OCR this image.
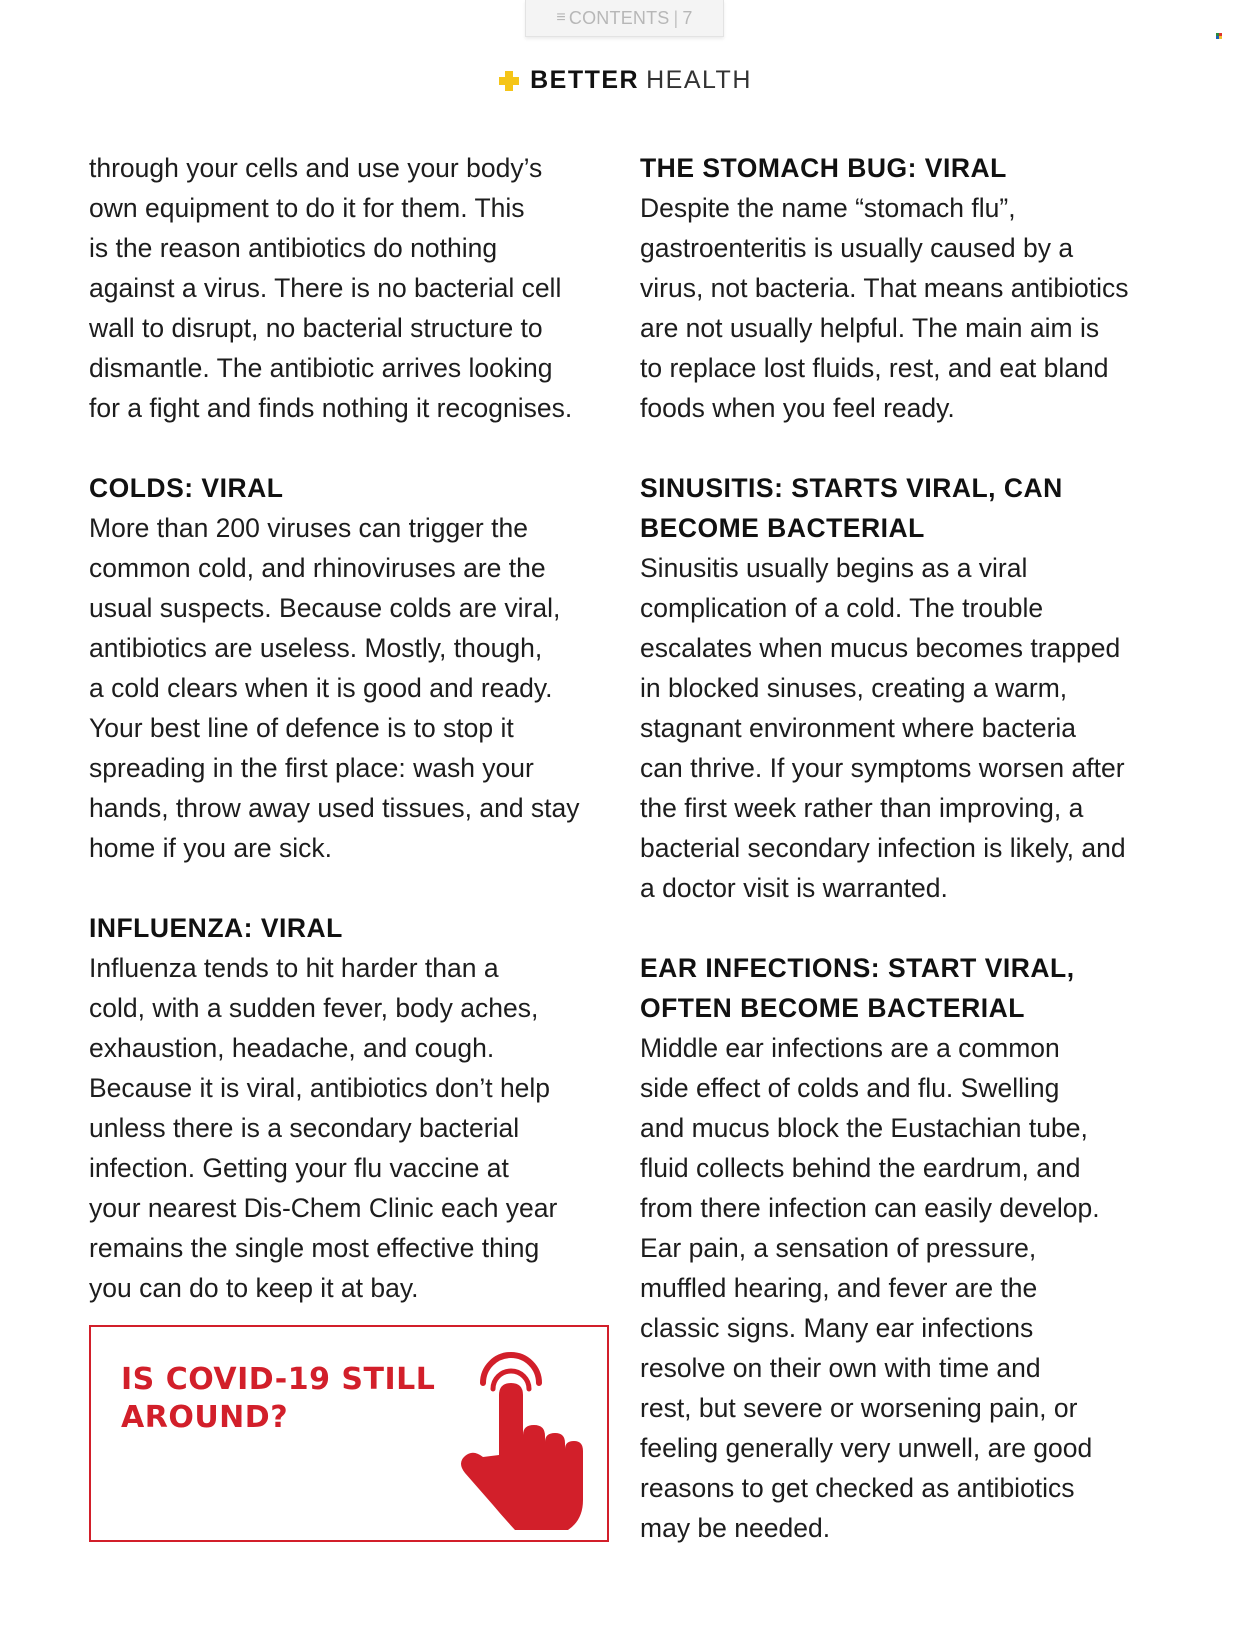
≡ CONTENTS | 7
BETTER HEALTH

through your cells and use your body’s
own equipment to do it for them. This
is the reason antibiotics do nothing
against a virus. There is no bacterial cell
wall to disrupt, no bacterial structure to
dismantle. The antibiotic arrives looking
for a fight and finds nothing it recognises.

COLDS: VIRAL

More than 200 viruses can trigger the
common cold, and rhinoviruses are the
usual suspects. Because colds are viral,
antibiotics are useless. Mostly, though,
a cold clears when it is good and ready.
Your best line of defence is to stop it
spreading in the first place: wash your
hands, throw away used tissues, and stay
home if you are sick.

INFLUENZA: VIRAL

Influenza tends to hit harder than a
cold, with a sudden fever, body aches,
exhaustion, headache, and cough.
Because it is viral, antibiotics don’t help
unless there is a secondary bacterial
infection. Getting your flu vaccine at
your nearest Dis-Chem Clinic each year
remains the single most effective thing
you can do to keep it at bay.

THE STOMACH BUG: VIRAL

Despite the name “stomach flu”,
gastroenteritis is usually caused by a
virus, not bacteria. That means antibiotics
are not usually helpful. The main aim is
to replace lost fluids, rest, and eat bland
foods when you feel ready.

SINUSITIS: STARTS VIRAL, CAN
BECOME BACTERIAL

Sinusitis usually begins as a viral
complication of a cold. The trouble
escalates when mucus becomes trapped
in blocked sinuses, creating a warm,
stagnant environment where bacteria
can thrive. If your symptoms worsen after
the first week rather than improving, a
bacterial secondary infection is likely, and
a doctor visit is warranted.

EAR INFECTIONS: START VIRAL,
OFTEN BECOME BACTERIAL

Middle ear infections are a common
side effect of colds and flu. Swelling
and mucus block the Eustachian tube,
fluid collects behind the eardrum, and
from there infection can easily develop.
Ear pain, a sensation of pressure,
muffled hearing, and fever are the
classic signs. Many ear infections
resolve on their own with time and
rest, but severe or worsening pain, or
feeling generally very unwell, are good
reasons to get checked as antibiotics
may be needed.

IS COVID-19 STILL
AROUND?
